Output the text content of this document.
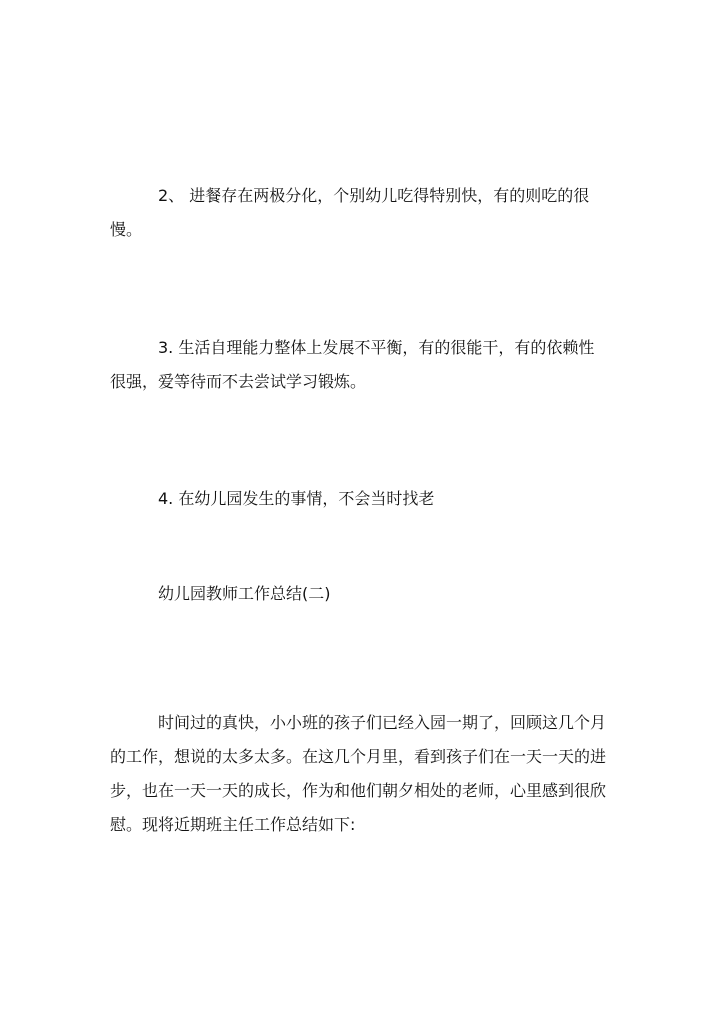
2、 进餐存在两极分化，个别幼儿吃得特别快，有的则吃的很慢。

3. 生活自理能力整体上发展不平衡，有的很能干，有的依赖性很强，爱等待而不去尝试学习锻炼。

4. 在幼儿园发生的事情，不会当时找老

幼儿园教师工作总结(二)

时间过的真快，小小班的孩子们已经入园一期了，回顾这几个月的工作，想说的太多太多。在这几个月里，看到孩子们在一天一天的进步，也在一天一天的成长，作为和他们朝夕相处的老师，心里感到很欣慰。现将近期班主任工作总结如下:
